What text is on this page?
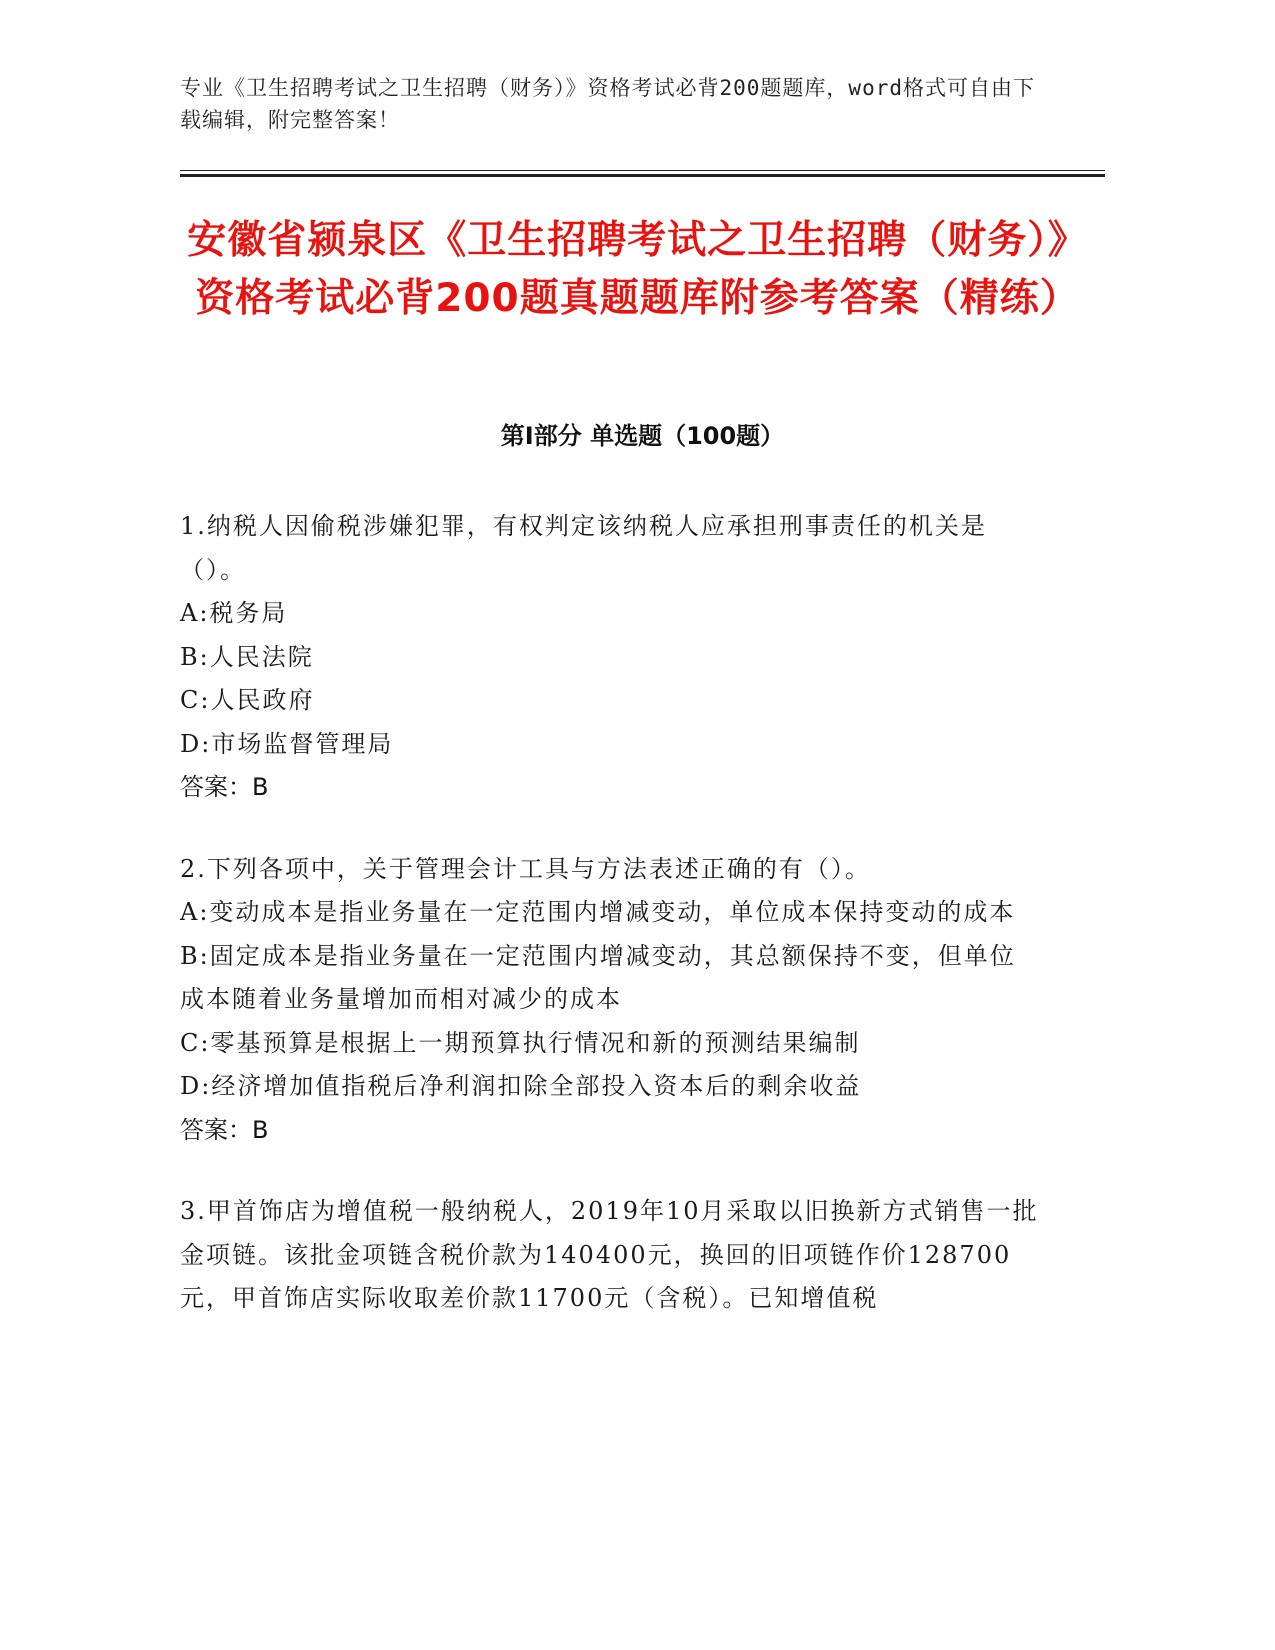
专业《卫生招聘考试之卫生招聘（财务）》资格考试必背200题题库，word格式可自由下载编辑，附完整答案！
安徽省颍泉区《卫生招聘考试之卫生招聘（财务）》资格考试必背200题真题题库附参考答案（精练）
第Ⅰ部分 单选题（100题）
1.纳税人因偷税涉嫌犯罪，有权判定该纳税人应承担刑事责任的机关是（）。
A:税务局
B:人民法院
C:人民政府
D:市场监督管理局
答案：B
2.下列各项中，关于管理会计工具与方法表述正确的有（）。
A:变动成本是指业务量在一定范围内增减变动，单位成本保持变动的成本
B:固定成本是指业务量在一定范围内增减变动，其总额保持不变，但单位成本随着业务量增加而相对减少的成本
C:零基预算是根据上一期预算执行情况和新的预测结果编制
D:经济增加值指税后净利润扣除全部投入资本后的剩余收益
答案：B
3.甲首饰店为增值税一般纳税人，2019年10月采取以旧换新方式销售一批金项链。该批金项链含税价款为140400元，换回的旧项链作价128700元，甲首饰店实际收取差价款11700元（含税）。已知增值税
